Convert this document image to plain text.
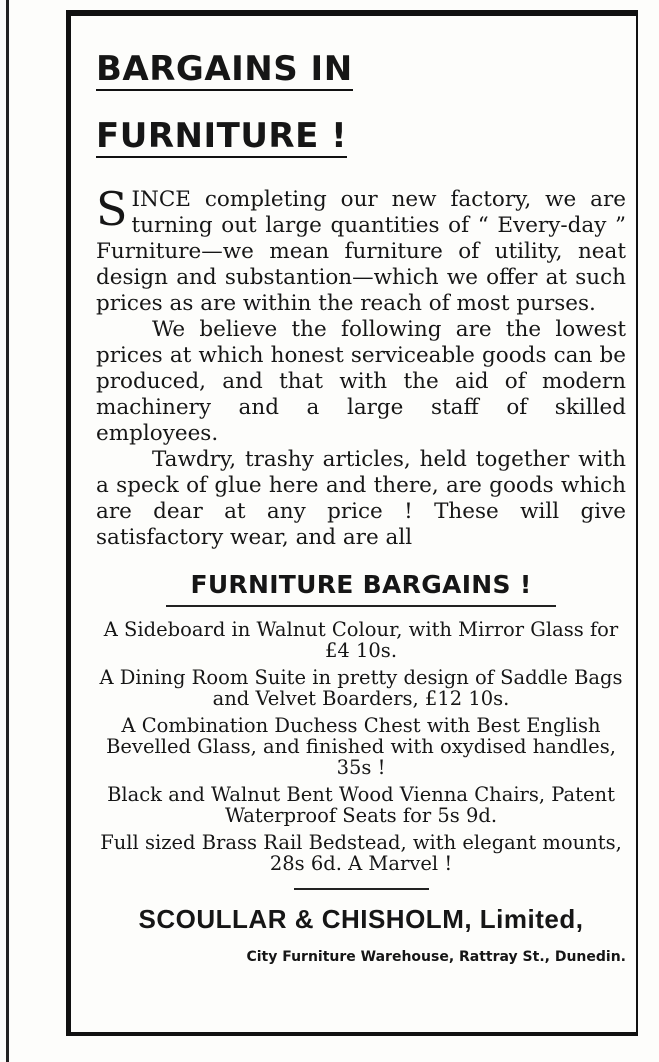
BARGAINS IN
FURNITURE !

SINCE completing our new factory, we are turning out large quantities of “ Every-day ” Furniture—we mean furniture of utility, neat design and substantion—which we offer at such prices as are within the reach of most purses.

We believe the following are the lowest prices at which honest serviceable goods can be produced, and that with the aid of modern machinery and a large staff of skilled employees.

Tawdry, trashy articles, held together with a speck of glue here and there, are goods which are dear at any price ! These will give satisfactory wear, and are all

FURNITURE BARGAINS !
A Sideboard in Walnut Colour, with Mirror Glass for £4 10s.
A Dining Room Suite in pretty design of Saddle Bags and Velvet Boarders, £12 10s.
A Combination Duchess Chest with Best English Bevelled Glass, and finished with oxydised handles, 35s !
Black and Walnut Bent Wood Vienna Chairs, Patent Waterproof Seats for 5s 9d.
Full sized Brass Rail Bedstead, with elegant mounts, 28s 6d. A Marvel !
SCOULLAR & CHISHOLM, Limited,
City Furniture Warehouse, Rattray St., Dunedin.
